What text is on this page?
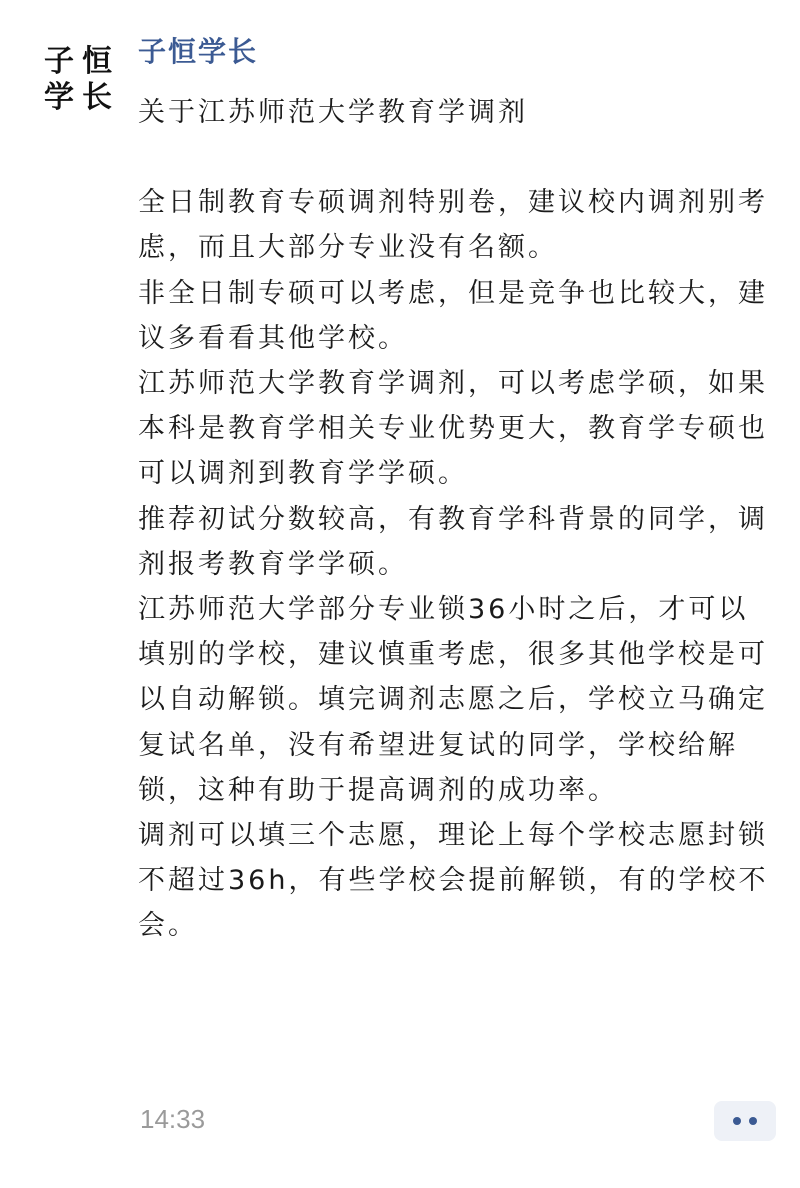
子 恒
学 长
子恒学长

关于江苏师范大学教育学调剂

全日制教育专硕调剂特别卷，建议校内调剂别考虑，而且大部分专业没有名额。

非全日制专硕可以考虑，但是竞争也比较大，建议多看看其他学校。

江苏师范大学教育学调剂，可以考虑学硕，如果本科是教育学相关专业优势更大，教育学专硕也可以调剂到教育学学硕。

推荐初试分数较高，有教育学科背景的同学，调剂报考教育学学硕。

江苏师范大学部分专业锁36小时之后，才可以填别的学校，建议慎重考虑，很多其他学校是可以自动解锁。填完调剂志愿之后，学校立马确定复试名单，没有希望进复试的同学，学校给解锁，这种有助于提高调剂的成功率。

调剂可以填三个志愿，理论上每个学校志愿封锁不超过36h，有些学校会提前解锁，有的学校不会。

14:33
